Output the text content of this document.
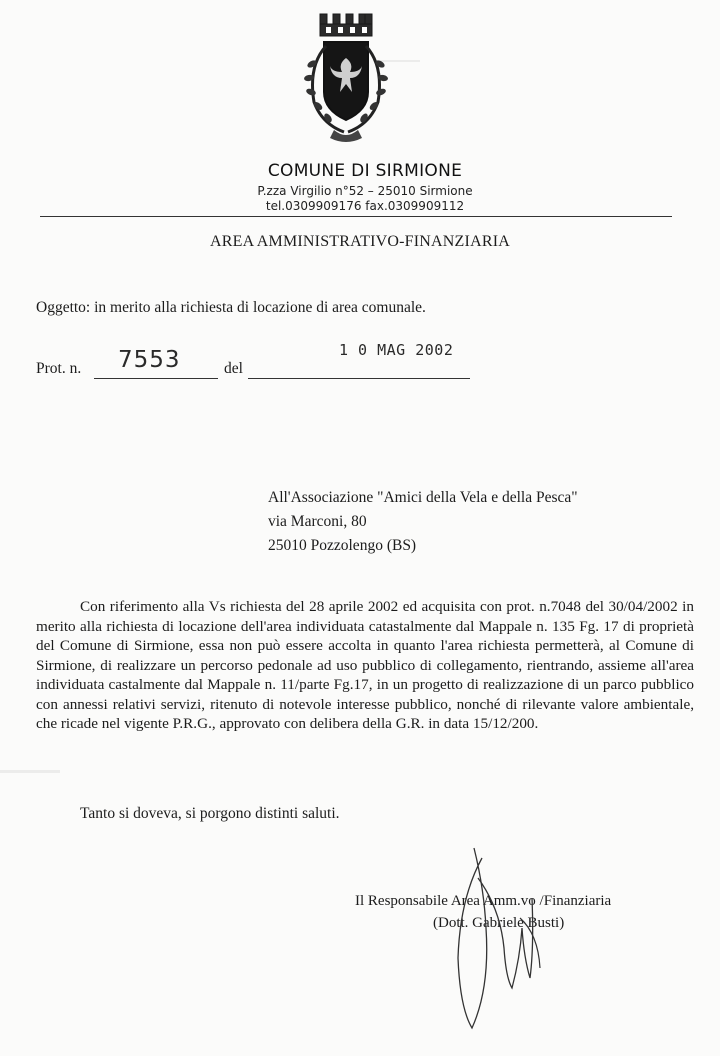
COMUNE DI SIRMIONE
P.zza Virgilio n°52 – 25010 Sirmione
tel.0309909176 fax.0309909112
AREA AMMINISTRATIVO-FINANZIARIA
Oggetto: in merito alla richiesta di locazione di area comunale.
Prot. n. 7553	del
1 0 MAG 2002
All'Associazione "Amici della Vela e della Pesca"
via Marconi, 80
25010 Pozzolengo (BS)
Con riferimento alla Vs richiesta del 28 aprile 2002 ed acquisita con prot. n.7048 del 30/04/2002 in merito alla richiesta di locazione dell'area individuata catastalmente dal Mappale n. 135 Fg. 17 di proprietà del Comune di Sirmione, essa non può essere accolta in quanto l'area richiesta permetterà, al Comune di Sirmione, di realizzare un percorso pedonale ad uso pubblico di collegamento, rientrando, assieme all'area individuata castalmente dal Mappale n. 11/parte Fg.17, in un progetto di realizzazione di un parco pubblico con annessi relativi servizi, ritenuto di notevole interesse pubblico, nonché di rilevante valore ambientale, che ricade nel vigente P.R.G., approvato con delibera della G.R. in data 15/12/200.
Tanto si doveva, si porgono distinti saluti.
Il Responsabile Area Amm.vo /Finanziaria
(Dott. Gabriele Busti)
